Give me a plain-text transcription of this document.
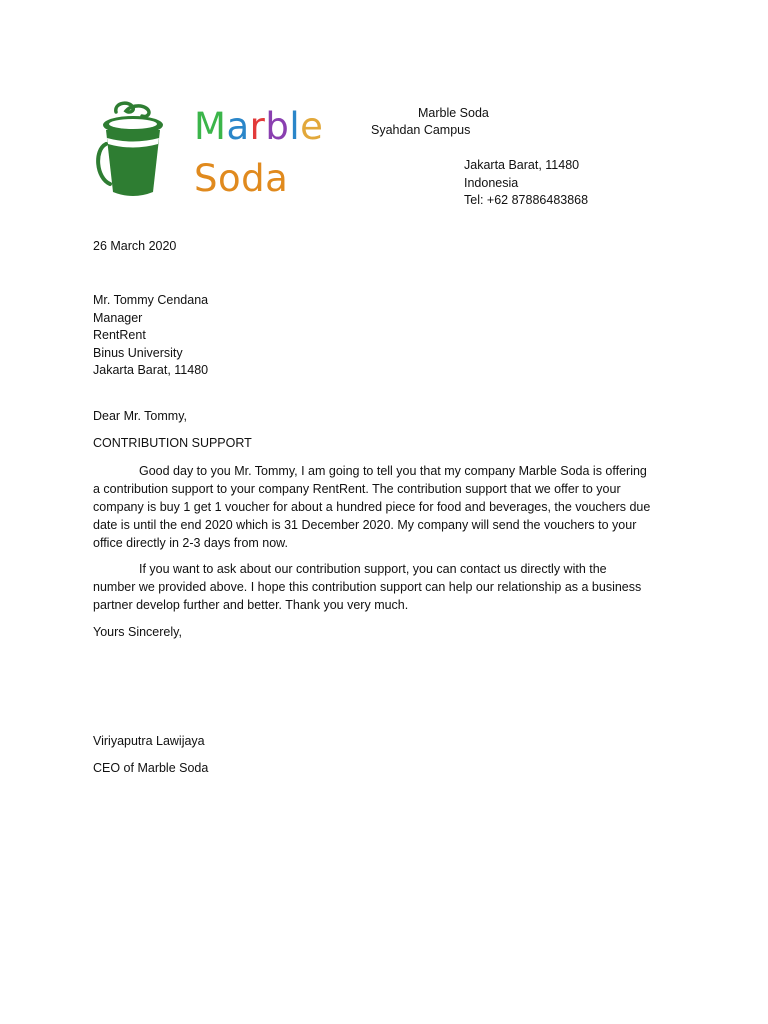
Marble
Soda
Marble Soda
Syahdan Campus
Jakarta Barat, 11480
Indonesia
Tel: +62 87886483868
26 March 2020
Mr. Tommy Cendana
Manager
RentRent
Binus University
Jakarta Barat, 11480
Dear Mr. Tommy,
CONTRIBUTION SUPPORT
Good day to you Mr. Tommy, I am going to tell you that my company Marble Soda is offering
a contribution support to your company RentRent. The contribution support that we offer to your
company is buy 1 get 1 voucher for about a hundred piece for food and beverages, the vouchers due
date is until the end 2020 which is 31 December 2020. My company will send the vouchers to your
office directly in 2-3 days from now.
If you want to ask about our contribution support, you can contact us directly with the
number we provided above. I hope this contribution support can help our relationship as a business
partner develop further and better. Thank you very much.
Yours Sincerely,
Viriyaputra Lawijaya
CEO of Marble Soda
